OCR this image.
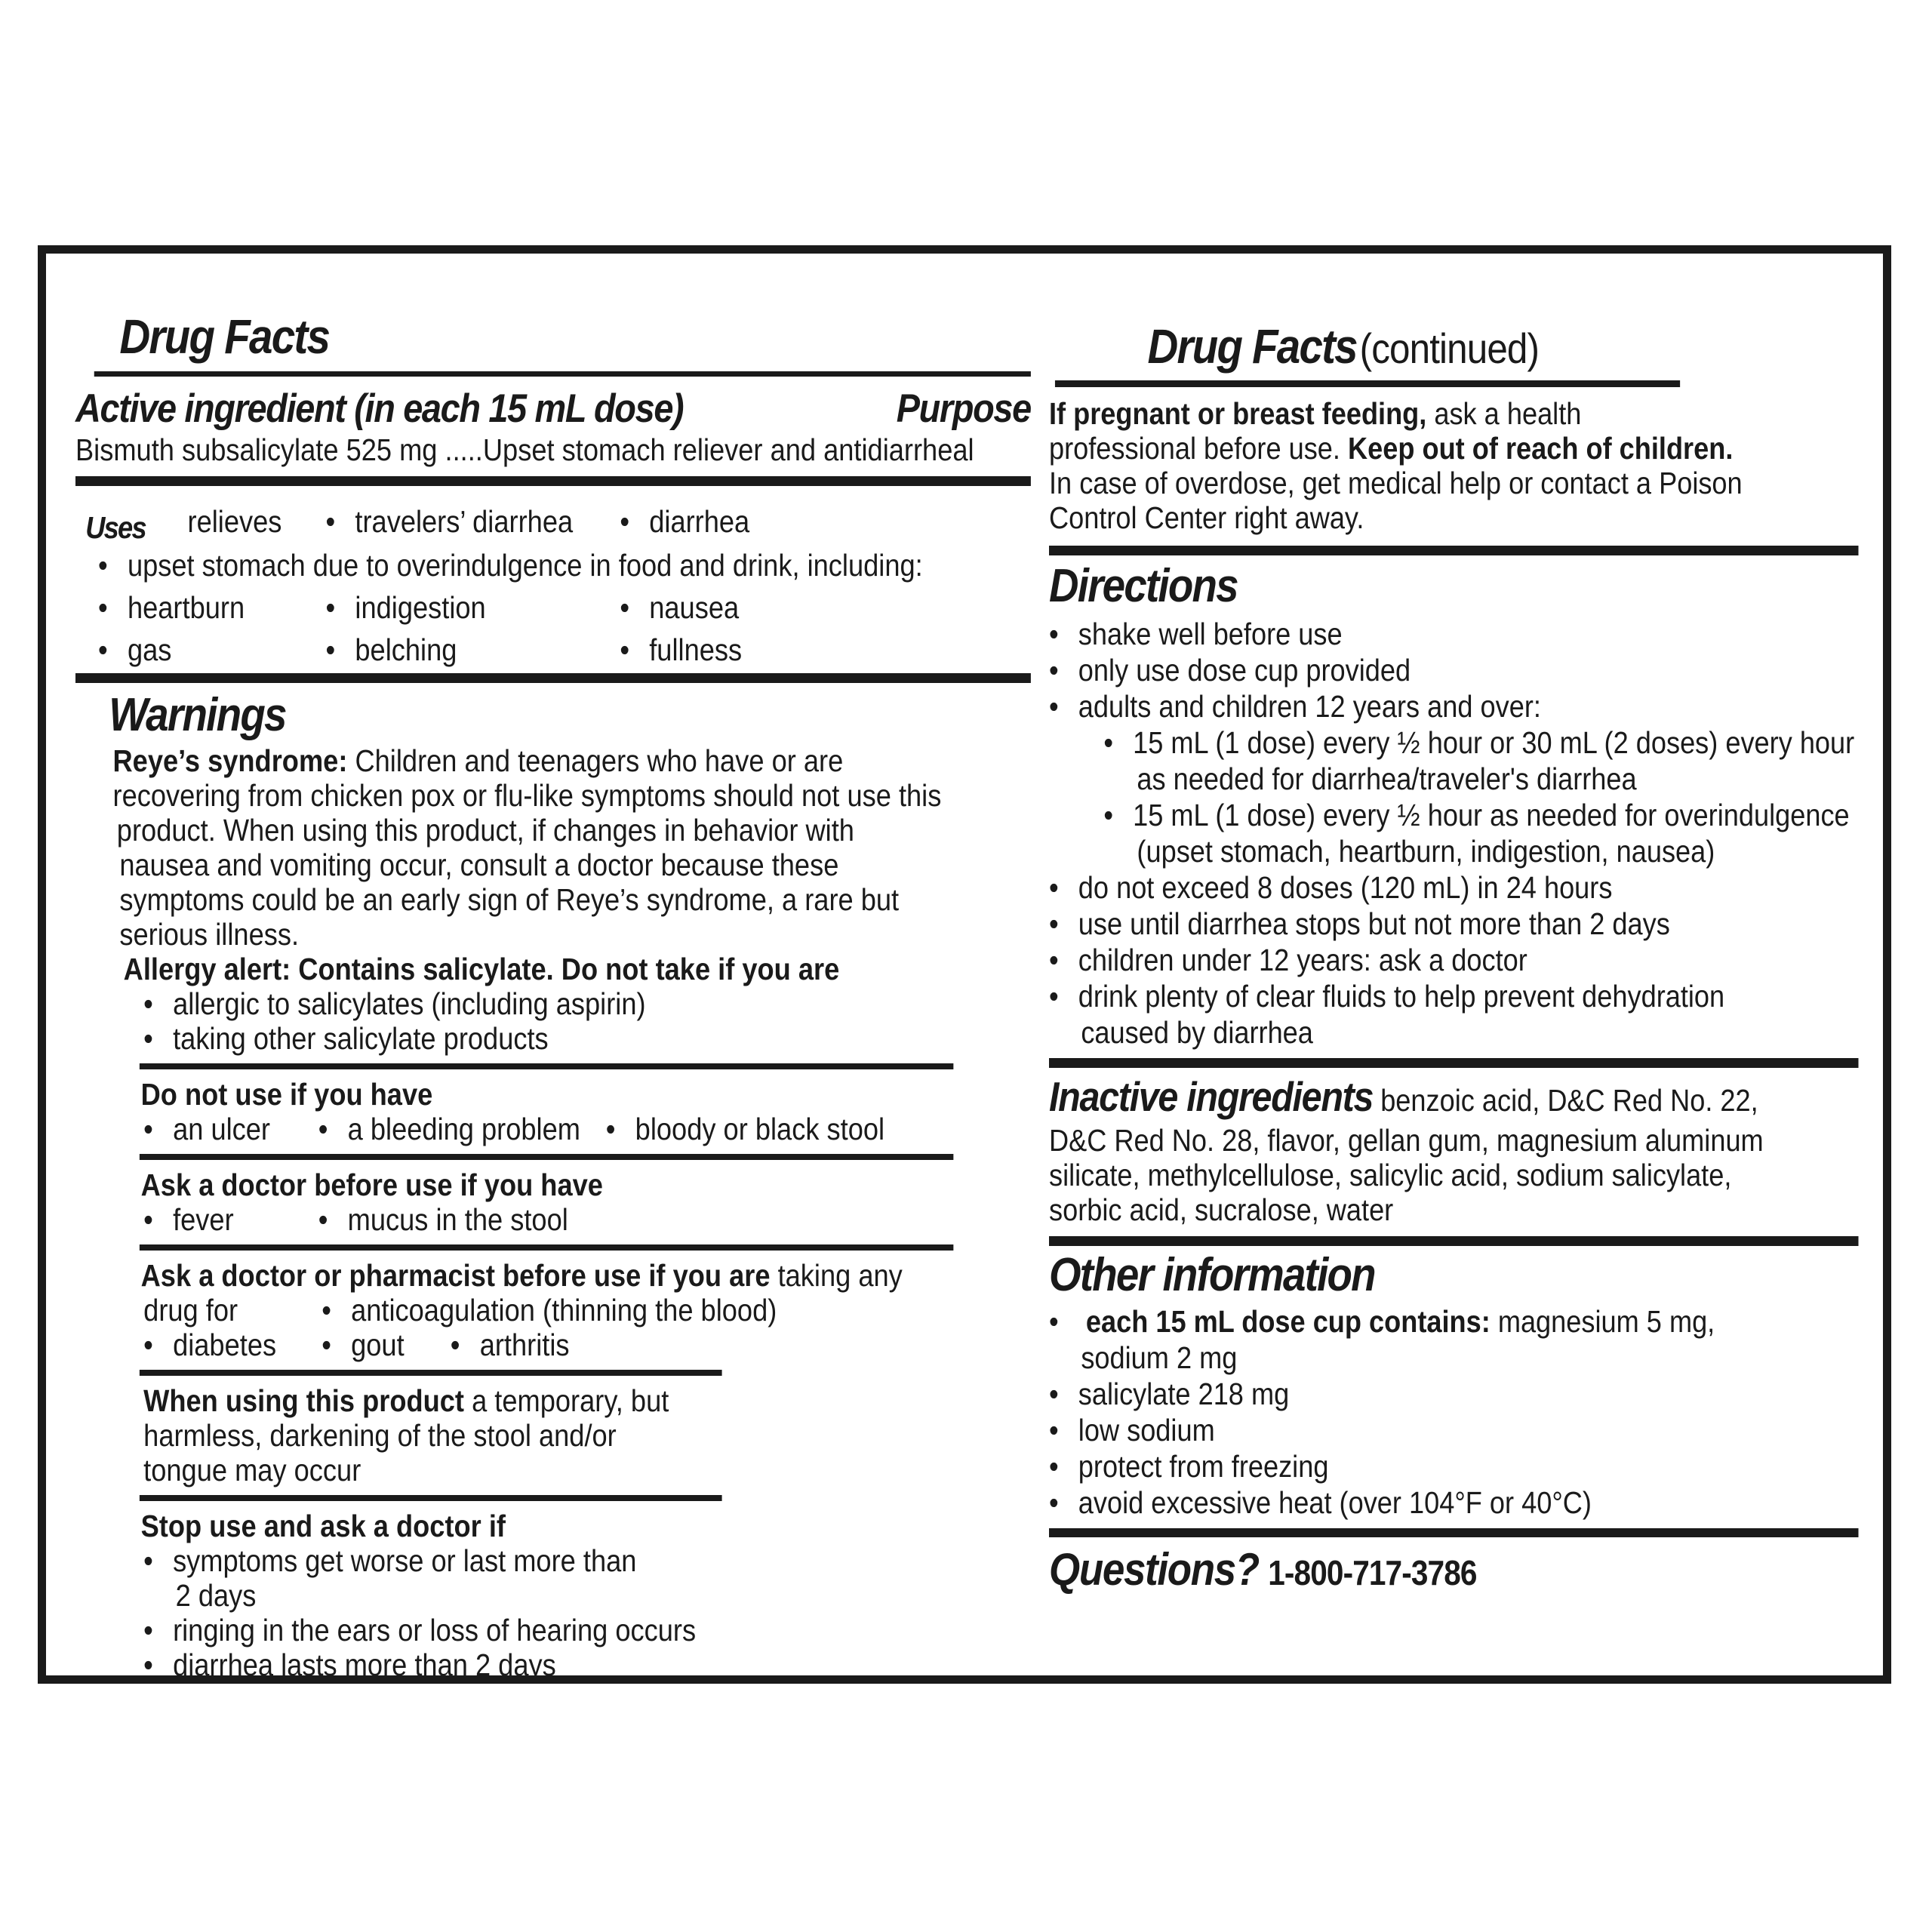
Drug Facts
Active ingredient (in each 15 mL dose)	Purpose
Bismuth subsalicylate 525 mg .....Upset stomach reliever and antidiarrheal
Uses relieves	• travelers’ diarrhea	• diarrhea
• upset stomach due to overindulgence in food and drink, including:
• heartburn	• indigestion	• nausea
• gas	• belching	• fullness
Warnings
Reye’s syndrome: Children and teenagers who have or are
recovering from chicken pox or flu-like symptoms should not use this
product. When using this product, if changes in behavior with
nausea and vomiting occur, consult a doctor because these
symptoms could be an early sign of Reye’s syndrome, a rare but
serious illness.
Allergy alert: Contains salicylate. Do not take if you are
• allergic to salicylates (including aspirin)
• taking other salicylate products
Do not use if you have
• an ulcer	• a bleeding problem	• bloody or black stool
Ask a doctor before use if you have
• fever	• mucus in the stool
Ask a doctor or pharmacist before use if you are taking any
drug for	• anticoagulation (thinning the blood)
• diabetes	• gout	• arthritis
When using this product a temporary, but
harmless, darkening of the stool and/or
tongue may occur
Stop use and ask a doctor if
• symptoms get worse or last more than
2 days
• ringing in the ears or loss of hearing occurs
• diarrhea lasts more than 2 days
Drug Facts (continued)
If pregnant or breast feeding, ask a health
professional before use. Keep out of reach of children.
In case of overdose, get medical help or contact a Poison
Control Center right away.
Directions
• shake well before use
• only use dose cup provided
• adults and children 12 years and over:
• 15 mL (1 dose) every ½ hour or 30 mL (2 doses) every hour
as needed for diarrhea/traveler's diarrhea
• 15 mL (1 dose) every ½ hour as needed for overindulgence
(upset stomach, heartburn, indigestion, nausea)
• do not exceed 8 doses (120 mL) in 24 hours
• use until diarrhea stops but not more than 2 days
• children under 12 years: ask a doctor
• drink plenty of clear fluids to help prevent dehydration
caused by diarrhea
Inactive ingredients benzoic acid, D&C Red No. 22,
D&C Red No. 28, flavor, gellan gum, magnesium aluminum
silicate, methylcellulose, salicylic acid, sodium salicylate,
sorbic acid, sucralose, water
Other information
• each 15 mL dose cup contains: magnesium 5 mg,
sodium 2 mg
• salicylate 218 mg
• low sodium
• protect from freezing
• avoid excessive heat (over 104°F or 40°C)
Questions? 1-800-717-3786
